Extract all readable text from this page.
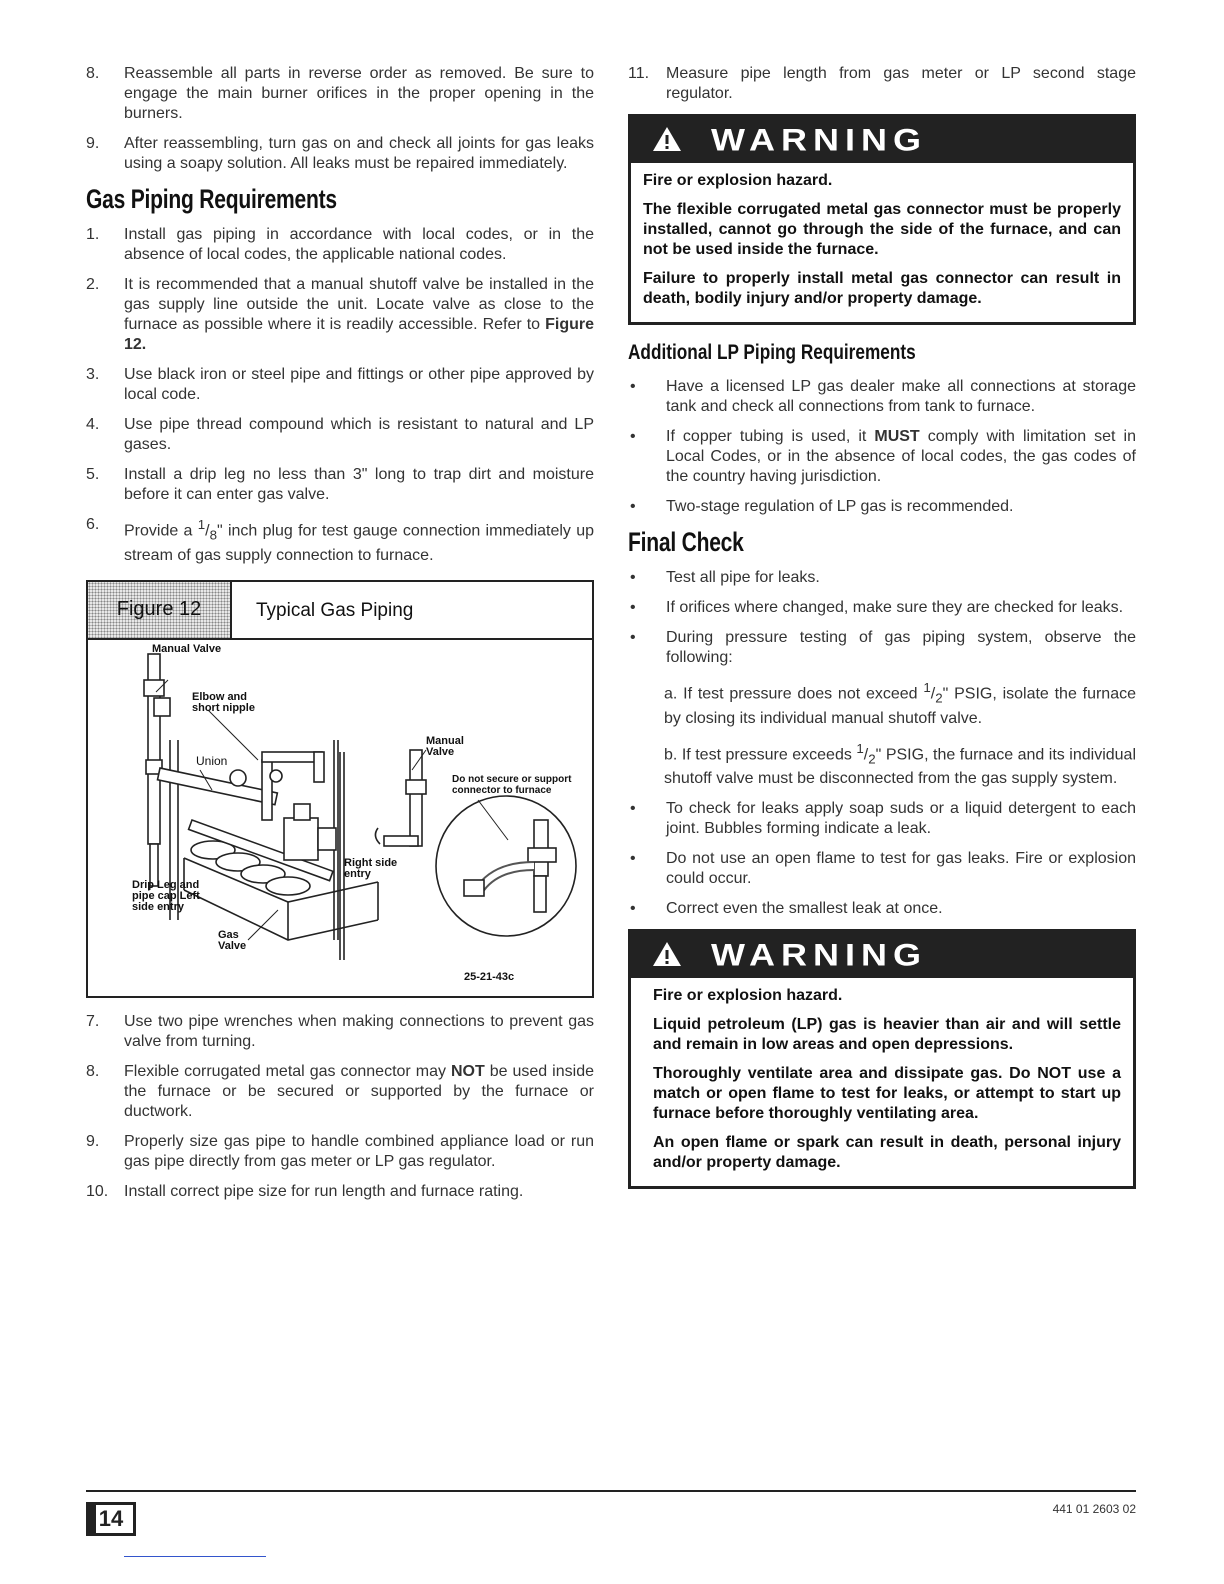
8.	Reassemble all parts in reverse order as removed. Be sure to engage the main burner orifices in the proper opening in the burners.
9.	After reassembling, turn gas on and check all joints for gas leaks using a soapy solution. All leaks must be repaired immediately.
Gas Piping Requirements
1.	Install gas piping in accordance with local codes, or in the absence of local codes, the applicable national codes.
2.	It is recommended that a manual shutoff valve be installed in the gas supply line outside the unit. Locate valve as close to the furnace as possible where it is readily accessible. Refer to Figure 12.
3.	Use black iron or steel pipe and fittings or other pipe approved by local code.
4.	Use pipe thread compound which is resistant to natural and LP gases.
5.	Install a drip leg no less than 3" long to trap dirt and moisture before it can enter gas valve.
6.	Provide a $^1/_8$" inch plug for test gauge connection immediately up stream of gas supply connection to furnace.
Figure 12	Typical Gas Piping
Manual Valve
Elbow and short nipple
Union
Manual Valve
Do not secure or support connector to furnace
Right side entry
Drip Leg and pipe cap Left side entry
Gas Valve
25-21-43c
7.	Use two pipe wrenches when making connections to prevent gas valve from turning.
8.	Flexible corrugated metal gas connector may NOT be used inside the furnace or be secured or supported by the furnace or ductwork.
9.	Properly size gas pipe to handle combined appliance load or run gas pipe directly from gas meter or LP gas regulator.
10. Install correct pipe size for run length and furnace rating.
11.	Measure pipe length from gas meter or LP second stage regulator.
WARNING

Fire or explosion hazard.

The flexible corrugated metal gas connector must be properly installed, cannot go through the side of the furnace, and can not be used inside the furnace.

Failure to properly install metal gas connector can result in death, bodily injury and/or property damage.

Additional LP Piping Requirements
•	Have a licensed LP gas dealer make all connections at storage tank and check all connections from tank to furnace.
•	If copper tubing is used, it MUST comply with limitation set in Local Codes, or in the absence of local codes, the gas codes of the country having jurisdiction.
•	Two-stage regulation of LP gas is recommended.
Final Check
•	Test all pipe for leaks.
•	If orifices where changed, make sure they are checked for leaks.
•	During pressure testing of gas piping system, observe the following:
a. If test pressure does not exceed $^1/_2$" PSIG, isolate the furnace by closing its individual manual shutoff valve.
b. If test pressure exceeds $^1/_2$" PSIG, the furnace and its individual shutoff valve must be disconnected from the gas supply system.
•	To check for leaks apply soap suds or a liquid detergent to each joint. Bubbles forming indicate a leak.
•	Do not use an open flame to test for gas leaks. Fire or explosion could occur.
•	Correct even the smallest leak at once.
WARNING

Fire or explosion hazard.

Liquid petroleum (LP) gas is heavier than air and will settle and remain in low areas and open depressions.

Thoroughly ventilate area and dissipate gas. Do NOT use a match or open flame to test for leaks, or attempt to start up furnace before thoroughly ventilating area.

An open flame or spark can result in death, personal injury and/or property damage.

14	441 01 2603 02
